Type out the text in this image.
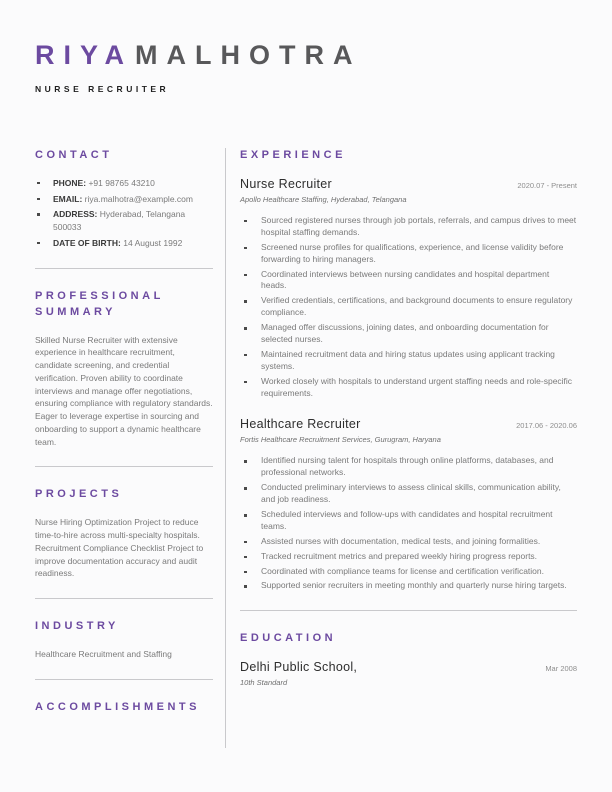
RIYAMALHOTRA
NURSE RECRUITER
CONTACT
PHONE: +91 98765 43210
EMAIL: riya.malhotra@example.com
ADDRESS: Hyderabad, Telangana 500033
DATE OF BIRTH: 14 August 1992
PROFESSIONAL SUMMARY

Skilled Nurse Recruiter with extensive experience in healthcare recruitment, candidate screening, and credential verification. Proven ability to coordinate interviews and manage offer negotiations, ensuring compliance with regulatory standards. Eager to leverage expertise in sourcing and onboarding to support a dynamic healthcare team.

PROJECTS

Nurse Hiring Optimization Project to reduce time-to-hire across multi-specialty hospitals. Recruitment Compliance Checklist Project to improve documentation accuracy and audit readiness.

INDUSTRY

Healthcare Recruitment and Staffing

ACCOMPLISHMENTS
EXPERIENCE
Nurse Recruiter	2020.07 - Present
Apollo Healthcare Staffing, Hyderabad, Telangana
Sourced registered nurses through job portals, referrals, and campus drives to meet hospital staffing demands.
Screened nurse profiles for qualifications, experience, and license validity before forwarding to hiring managers.
Coordinated interviews between nursing candidates and hospital department heads.
Verified credentials, certifications, and background documents to ensure regulatory compliance.
Managed offer discussions, joining dates, and onboarding documentation for selected nurses.
Maintained recruitment data and hiring status updates using applicant tracking systems.
Worked closely with hospitals to understand urgent staffing needs and role-specific requirements.
Healthcare Recruiter	2017.06 - 2020.06
Fortis Healthcare Recruitment Services, Gurugram, Haryana
Identified nursing talent for hospitals through online platforms, databases, and professional networks.
Conducted preliminary interviews to assess clinical skills, communication ability, and job readiness.
Scheduled interviews and follow-ups with candidates and hospital recruitment teams.
Assisted nurses with documentation, medical tests, and joining formalities.
Tracked recruitment metrics and prepared weekly hiring progress reports.
Coordinated with compliance teams for license and certification verification.
Supported senior recruiters in meeting monthly and quarterly nurse hiring targets.
EDUCATION
Delhi Public School,	Mar 2008
10th Standard
